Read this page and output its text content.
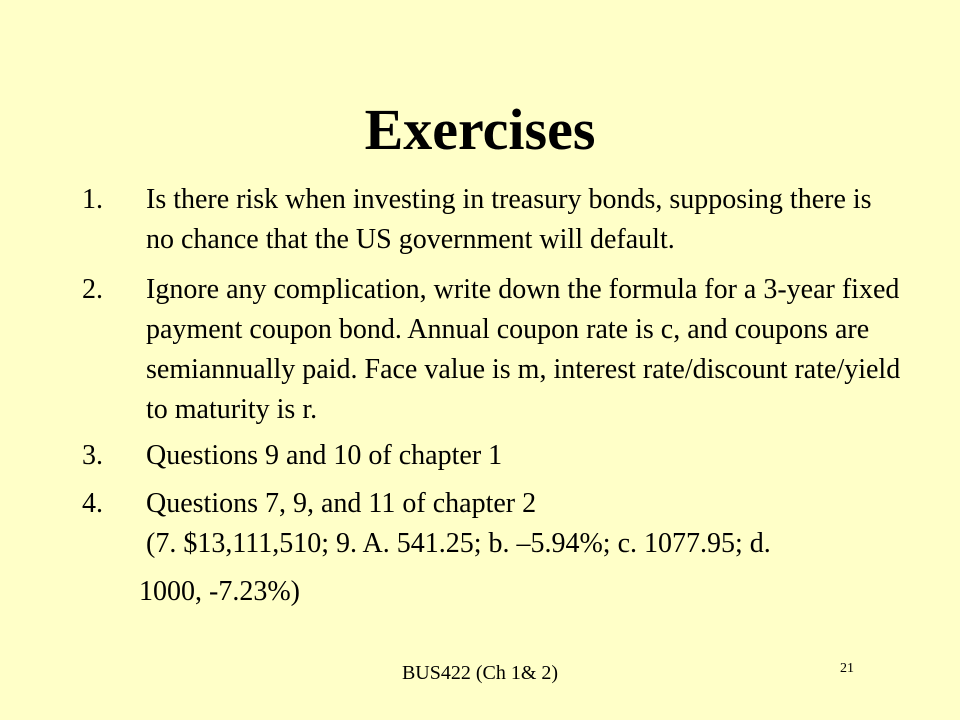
Exercises
1. Is there risk when investing in treasury bonds, supposing there is no chance that the US government will default.
2. Ignore any complication, write down the formula for a 3-year fixed payment coupon bond. Annual coupon rate is c, and coupons are semiannually paid. Face value is m, interest rate/discount rate/yield to maturity is r.
3. Questions 9 and 10 of chapter 1
4. Questions 7, 9, and 11 of chapter 2
(7. $13,111,510; 9. A. 541.25; b. –5.94%; c. 1077.95; d.
1000, -7.23%)
BUS422 (Ch 1& 2)	21
